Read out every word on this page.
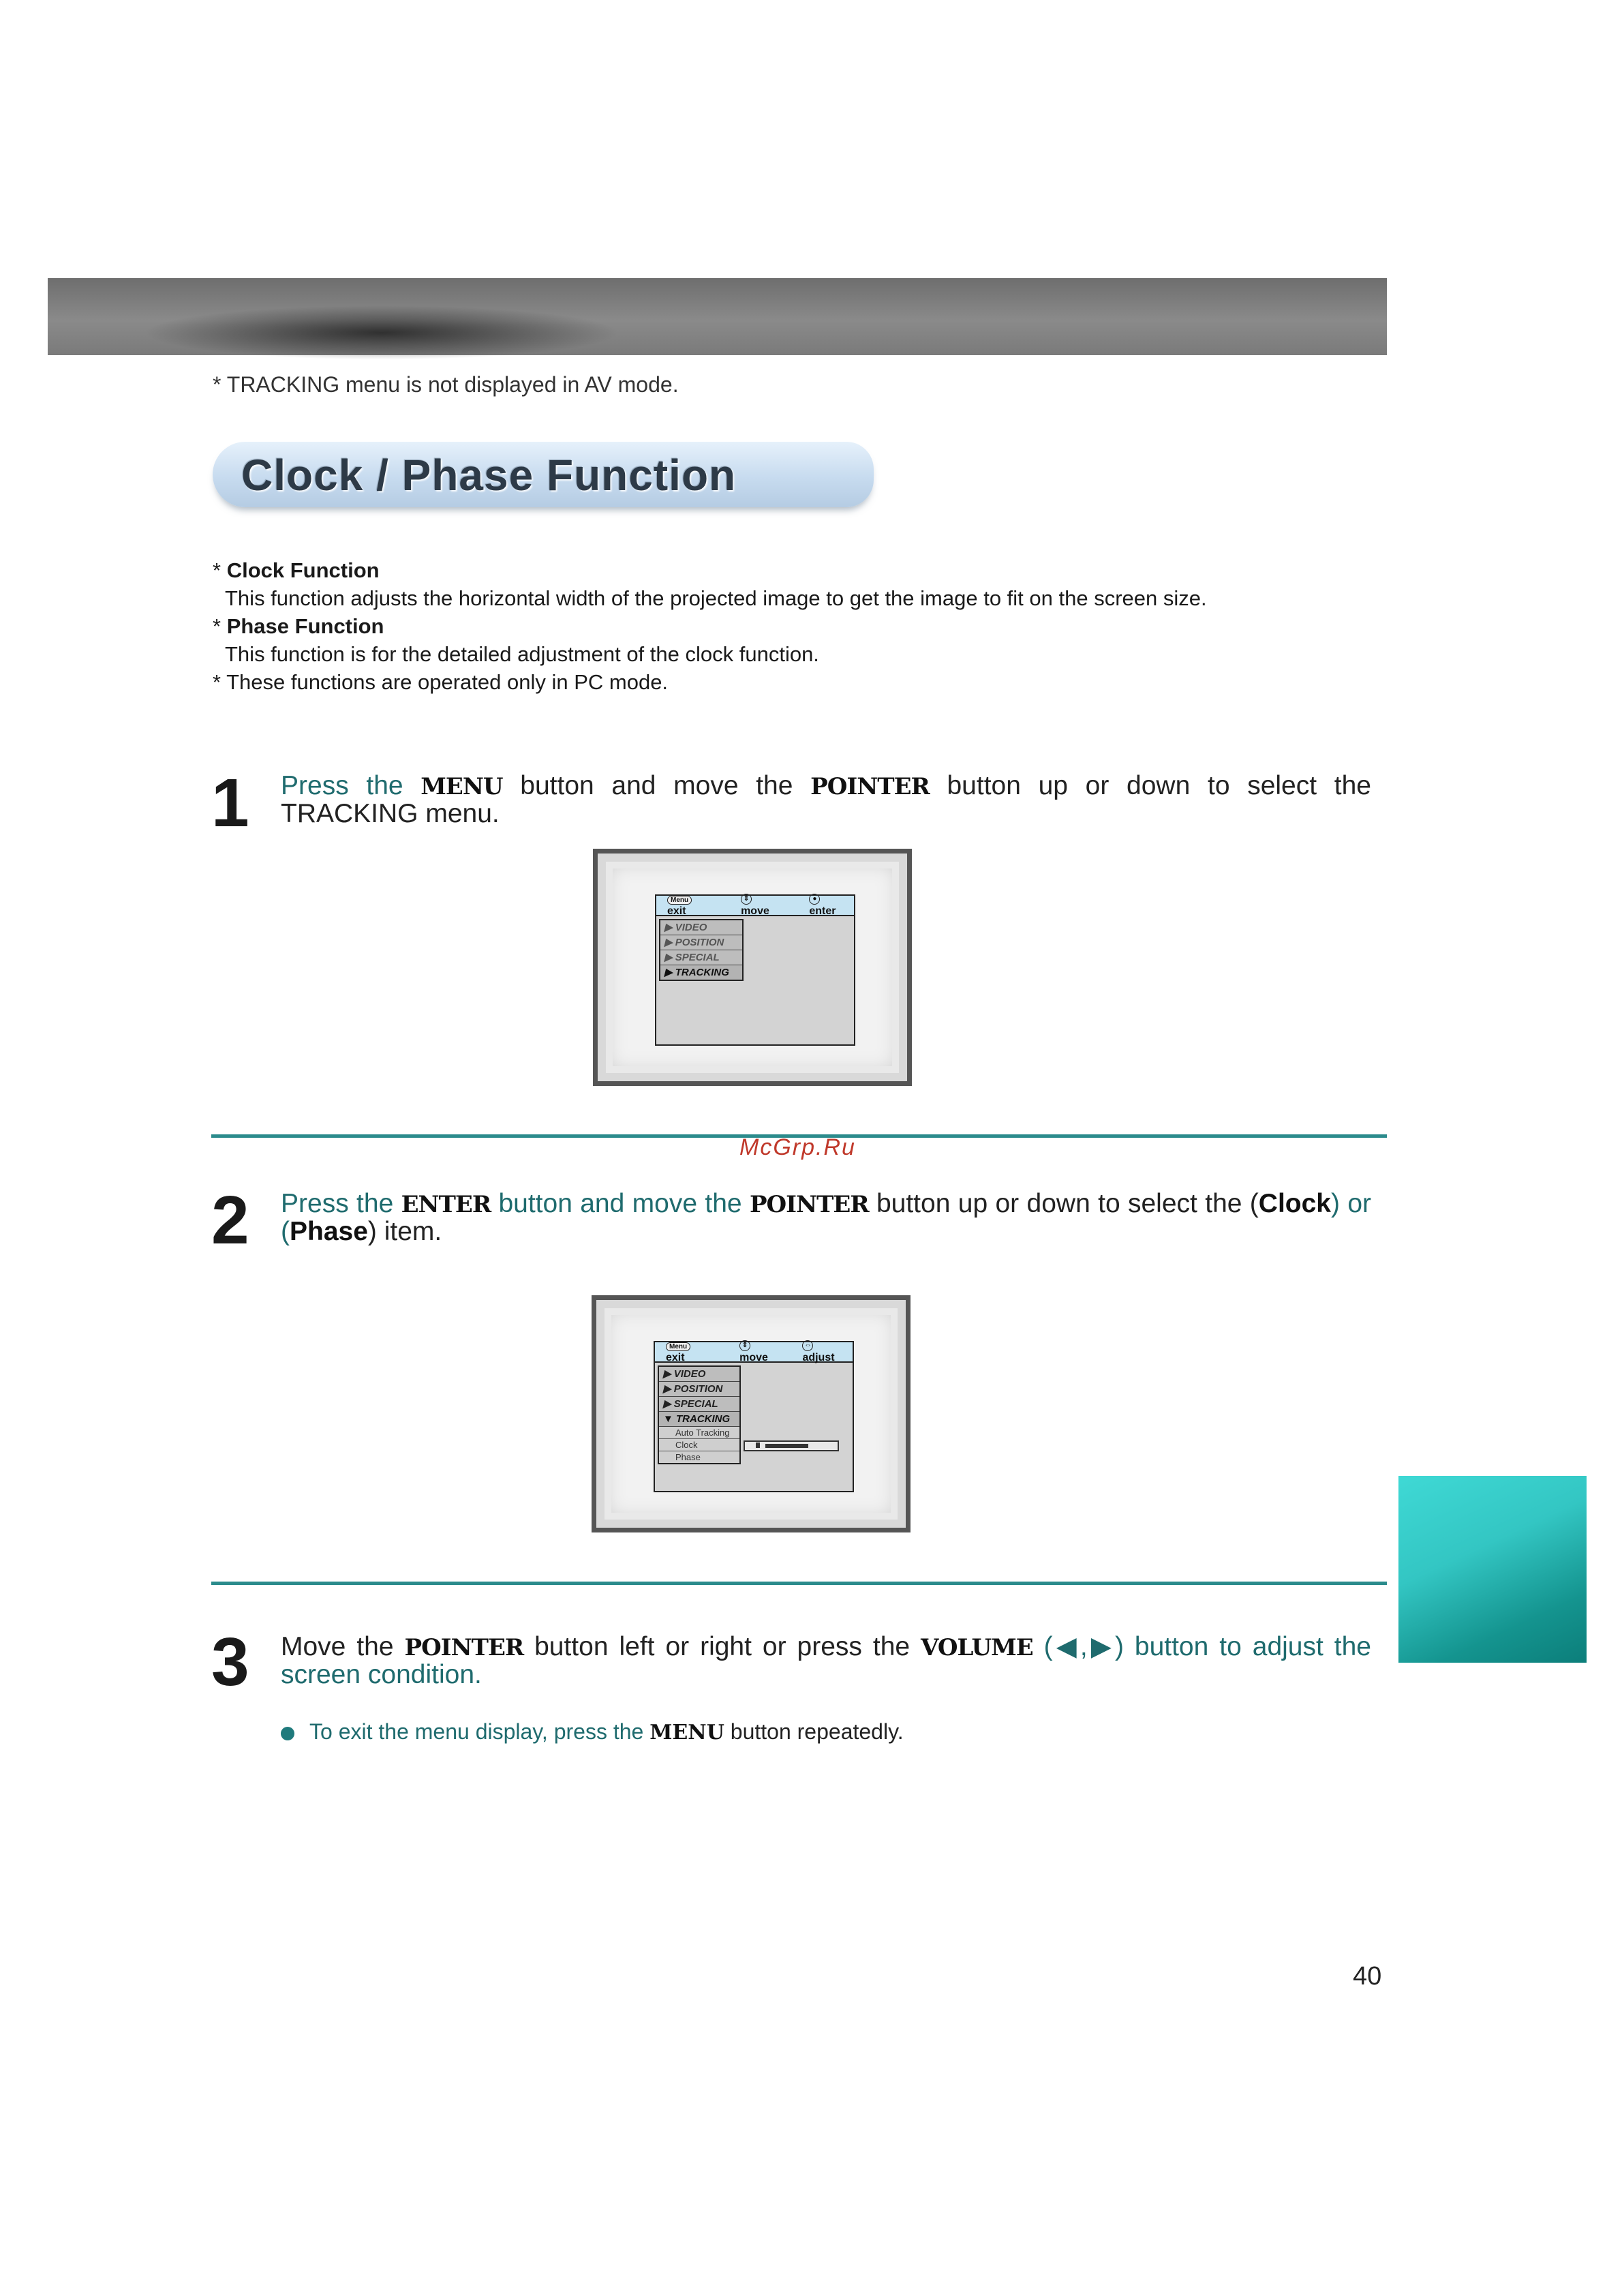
* TRACKING menu is not displayed in AV mode.
Clock / Phase Function
* Clock Function
This function adjusts the horizontal width of the projected image to get the image to fit on the screen size.
* Phase Function
This function is for the detailed adjustment of the clock function.
* These functions are operated only in PC mode.
1 Press the MENU button and move the POINTER button up or down to select the TRACKING menu.
Menuexit
⇕move
●enter
▶ VIDEO
▶ POSITION
▶ SPECIAL
▶ TRACKING
McGrp.Ru
2 Press the ENTER button and move the POINTER button up or down to select the (Clock) or (Phase) item.
Menuexit
⇕move
⇔adjust
▶ VIDEO
▶ POSITION
▶ SPECIAL
▼ TRACKING
Auto Tracking
Clock
Phase
3 Move the POINTER button left or right or press the VOLUME (◀,▶) button to adjust the screen condition.
To exit the menu display, press the MENU button repeatedly.
40
